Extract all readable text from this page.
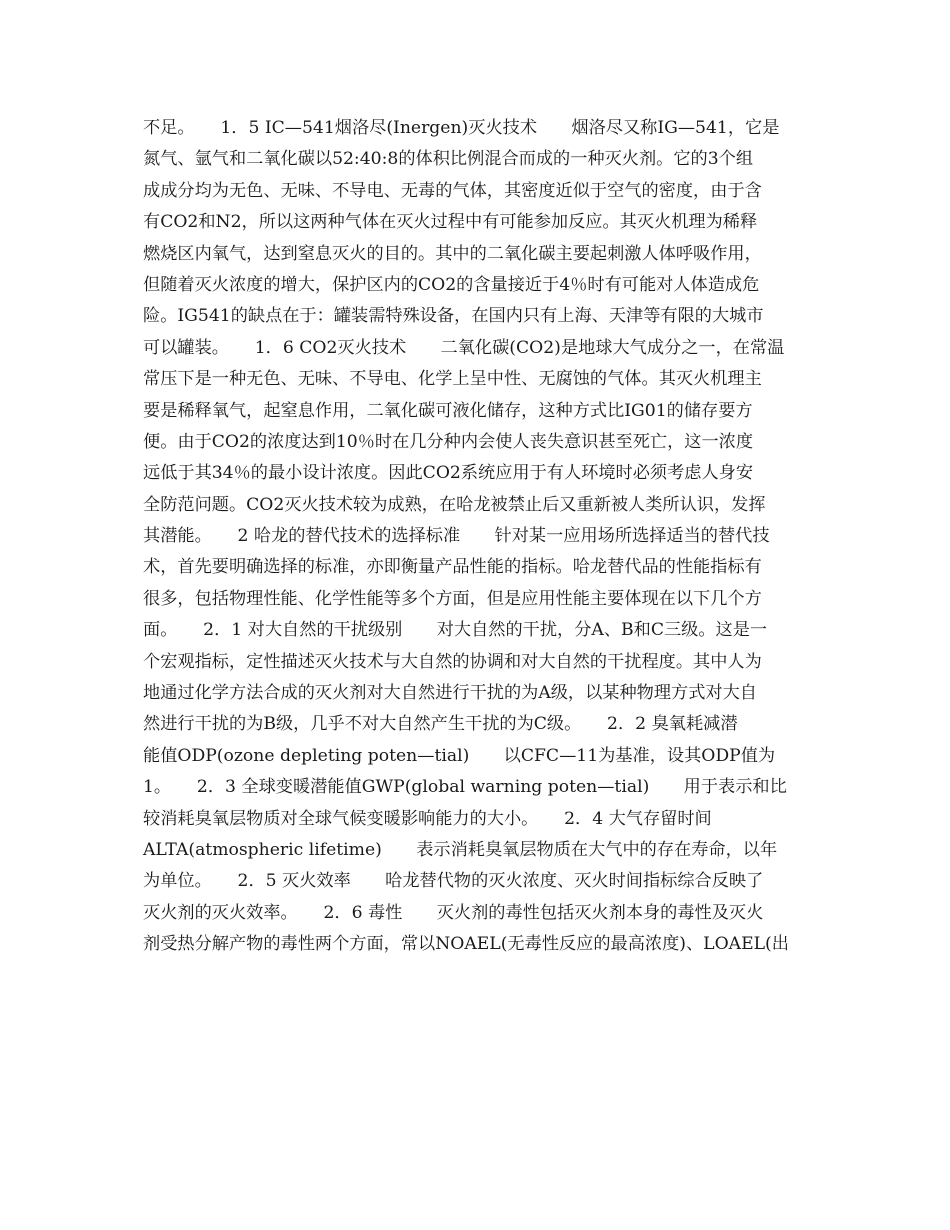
不足。　　1．5 IC—541烟洛尽(Inergen)灭火技术　　烟洛尽又称IG—541，它是
氮气、氩气和二氧化碳以52:40:8的体积比例混合而成的一种灭火剂。它的3个组
成成分均为无色、无味、不导电、无毒的气体，其密度近似于空气的密度，由于含
有CO2和N2，所以这两种气体在灭火过程中有可能参加反应。其灭火机理为稀释
燃烧区内氧气，达到窒息灭火的目的。其中的二氧化碳主要起刺激人体呼吸作用，
但随着灭火浓度的增大，保护区内的CO2的含量接近于4％时有可能对人体造成危
险。IG541的缺点在于：罐装需特殊设备，在国内只有上海、天津等有限的大城市
可以罐装。　　1．6 CO2灭火技术　　二氧化碳(CO2)是地球大气成分之一，在常温
常压下是一种无色、无味、不导电、化学上呈中性、无腐蚀的气体。其灭火机理主
要是稀释氧气，起窒息作用，二氧化碳可液化储存，这种方式比IG01的储存要方
便。由于CO2的浓度达到10％时在几分种内会使人丧失意识甚至死亡，这一浓度
远低于其34％的最小设计浓度。因此CO2系统应用于有人环境时必须考虑人身安
全防范问题。CO2灭火技术较为成熟，在哈龙被禁止后又重新被人类所认识，发挥
其潜能。　　2 哈龙的替代技术的选择标准　　针对某一应用场所选择适当的替代技
术，首先要明确选择的标准，亦即衡量产品性能的指标。哈龙替代品的性能指标有
很多，包括物理性能、化学性能等多个方面，但是应用性能主要体现在以下几个方
面。　　2．1 对大自然的干扰级别　　对大自然的干扰，分A、B和C三级。这是一
个宏观指标，定性描述灭火技术与大自然的协调和对大自然的干扰程度。其中人为
地通过化学方法合成的灭火剂对大自然进行干扰的为A级，以某种物理方式对大自
然进行干扰的为B级，几乎不对大自然产生干扰的为C级。　　2．2 臭氧耗减潜
能值ODP(ozone depleting poten—tial)　　以CFC—11为基准，设其ODP值为
1。　　2．3 全球变暖潜能值GWP(global warning poten—tial)　　用于表示和比
较消耗臭氧层物质对全球气候变暖影响能力的大小。　　2．4 大气存留时间
ALTA(atmospheric lifetime)　　表示消耗臭氧层物质在大气中的存在寿命，以年
为单位。　　2．5 灭火效率　　哈龙替代物的灭火浓度、灭火时间指标综合反映了
灭火剂的灭火效率。　　2．6 毒性　　灭火剂的毒性包括灭火剂本身的毒性及灭火
剂受热分解产物的毒性两个方面，常以NOAEL(无毒性反应的最高浓度)、LOAEL(出
